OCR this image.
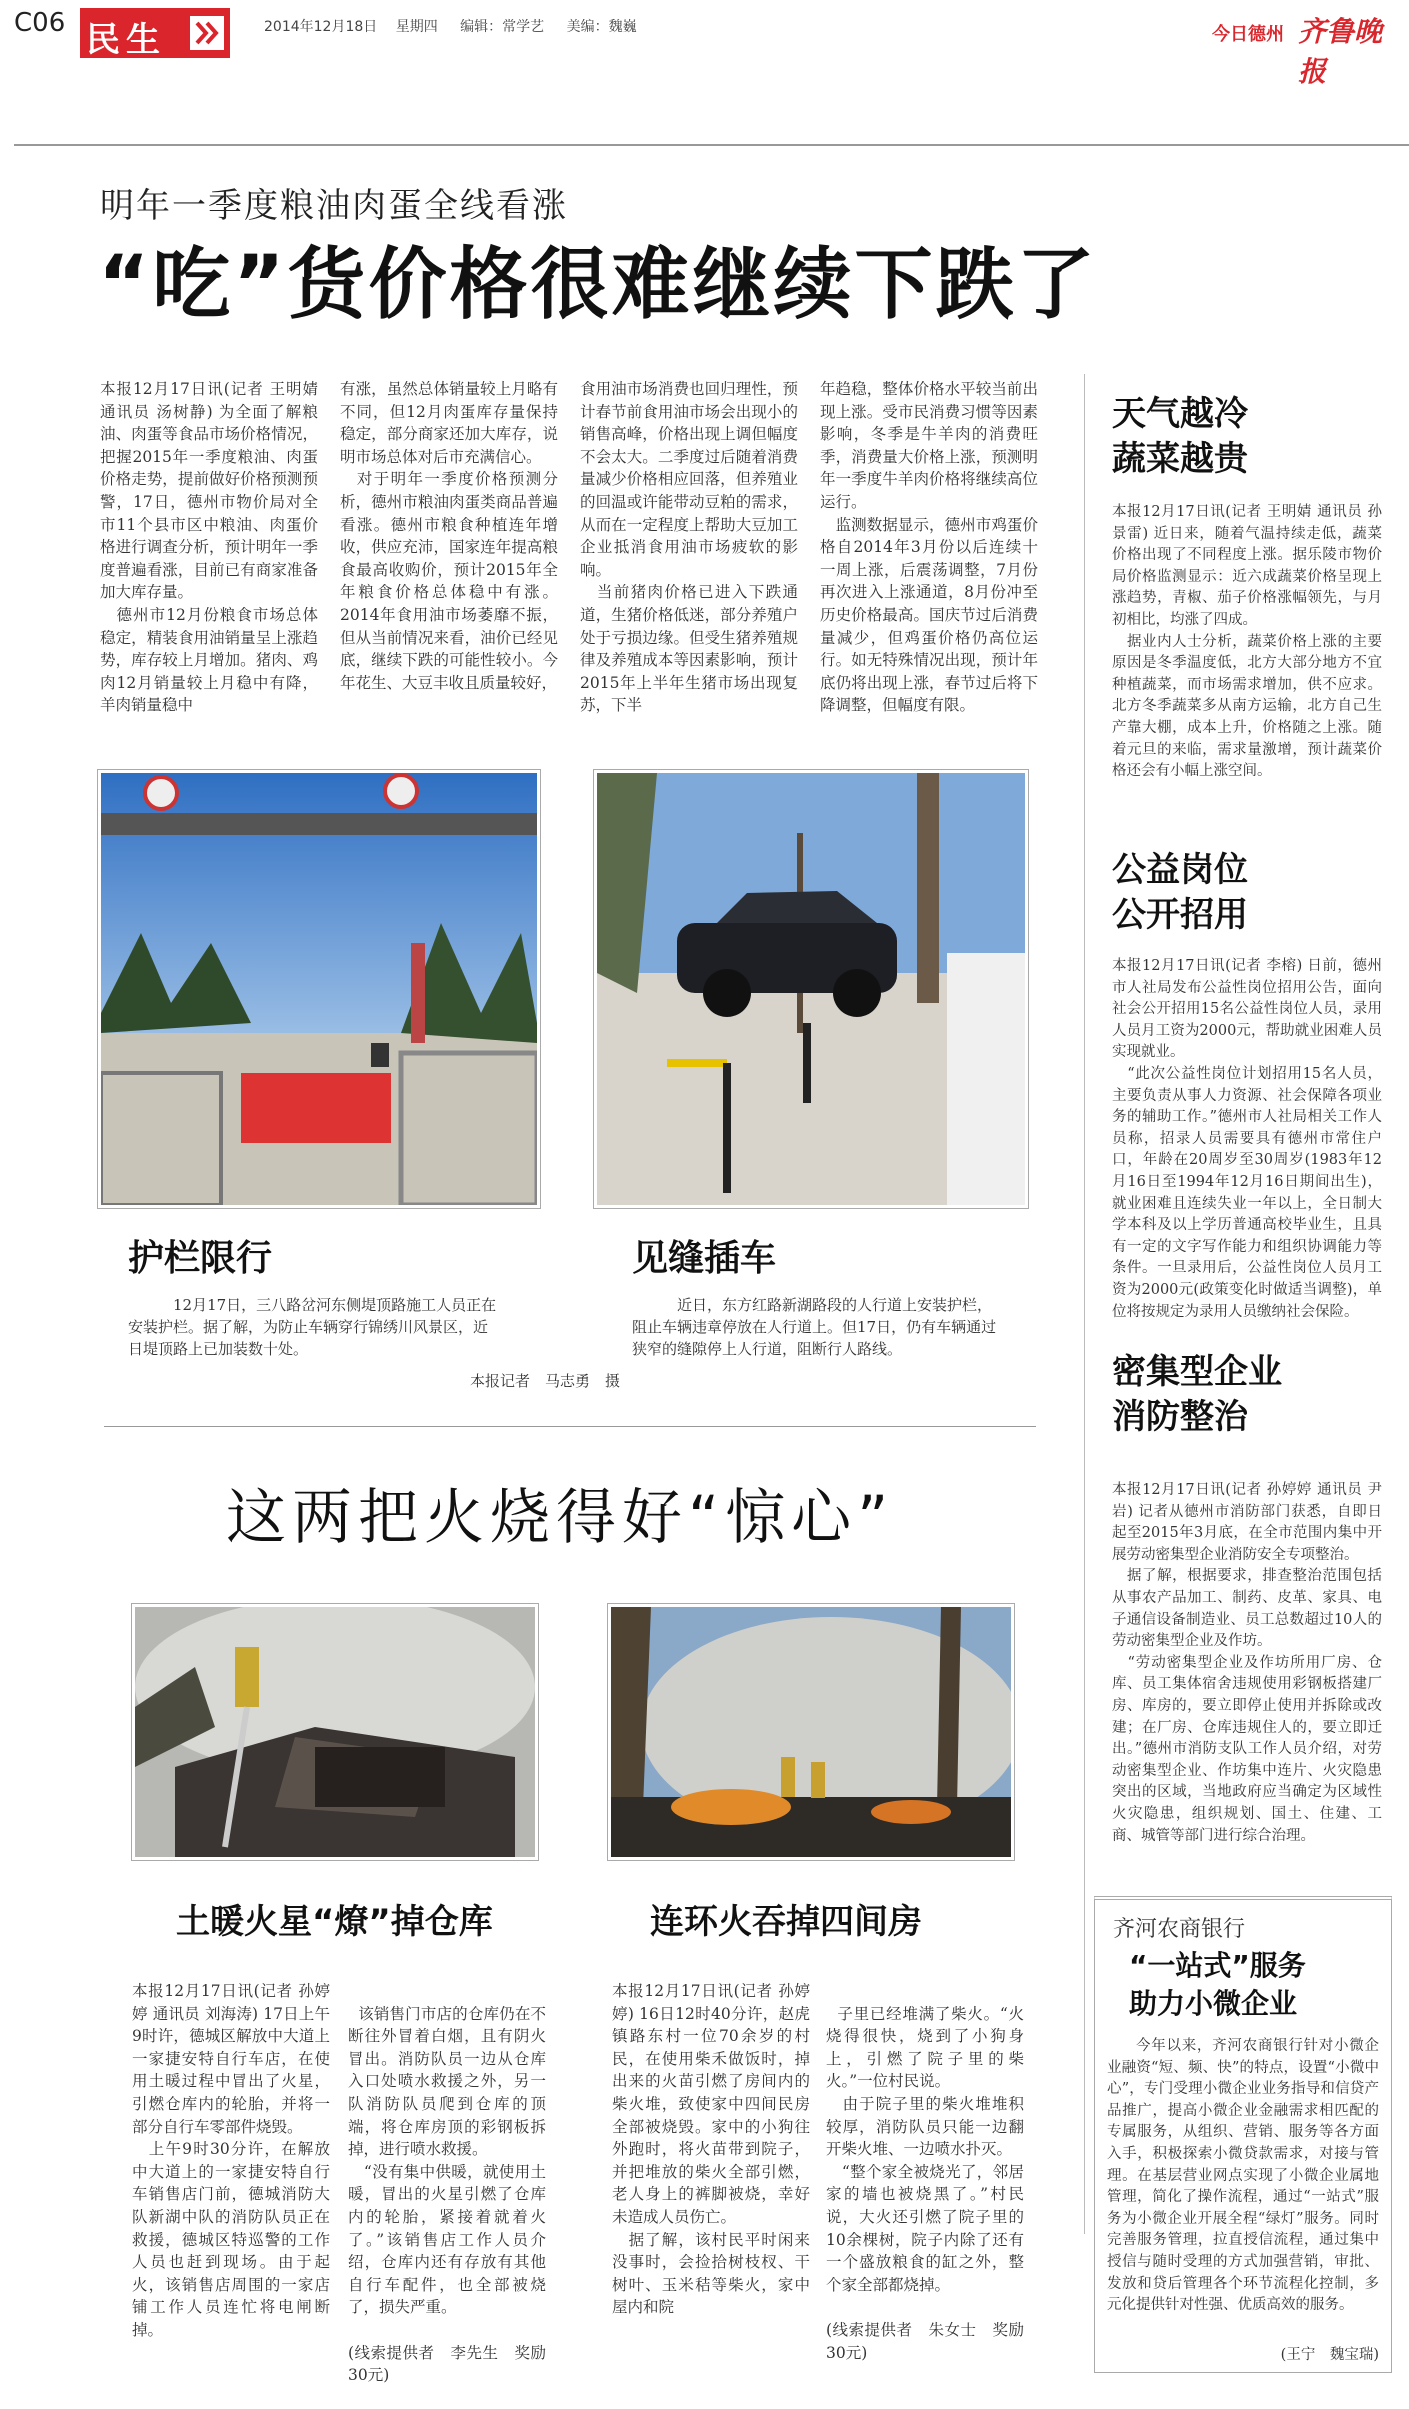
C06 民生	2014年12月18日 星期四 编辑：常学艺 美编：魏巍	今日德州 齐鲁晚报
明年一季度粮油肉蛋全线看涨
“吃”货价格很难继续下跌了
本报12月17日讯(记者 王明婧 通讯员 汤树静) 为全面了解粮油、肉蛋等食品市场价格情况，把握2015年一季度粮油、肉蛋价格走势，提前做好价格预测预警，17日，德州市物价局对全市11个县市区中粮油、肉蛋价格进行调查分析，预计明年一季度普遍看涨，目前已有商家准备加大库存量。
　德州市12月份粮食市场总体稳定，精装食用油销量呈上涨趋势，库存较上月增加。猪肉、鸡肉12月销量较上月稳中有降，羊肉销量稳中
有涨，虽然总体销量较上月略有不同，但12月肉蛋库存量保持稳定，部分商家还加大库存，说明市场总体对后市充满信心。
　对于明年一季度价格预测分析，德州市粮油肉蛋类商品普遍看涨。德州市粮食种植连年增收，供应充沛，国家连年提高粮食最高收购价，预计2015年全年粮食价格总体稳中有涨。2014年食用油市场萎靡不振，但从当前情况来看，油价已经见底，继续下跌的可能性较小。今年花生、大豆丰收且质量较好，
食用油市场消费也回归理性，预计春节前食用油市场会出现小的销售高峰，价格出现上调但幅度不会太大。二季度过后随着消费量减少价格相应回落，但养殖业的回温或许能带动豆粕的需求，从而在一定程度上帮助大豆加工企业抵消食用油市场疲软的影响。
　当前猪肉价格已进入下跌通道，生猪价格低迷，部分养殖户处于亏损边缘。但受生猪养殖规律及养殖成本等因素影响，预计2015年上半年生猪市场出现复苏，下半
年趋稳，整体价格水平较当前出现上涨。受市民消费习惯等因素影响，冬季是牛羊肉的消费旺季，消费量大价格上涨，预测明年一季度牛羊肉价格将继续高位运行。
　监测数据显示，德州市鸡蛋价格自2014年3月份以后连续十一周上涨，后震荡调整，7月份再次进入上涨通道，8月份冲至历史价格最高。国庆节过后消费量减少，但鸡蛋价格仍高位运行。如无特殊情况出现，预计年底仍将出现上涨，春节过后将下降调整，但幅度有限。
护栏限行	见缝插车
12月17日，三八路岔河东侧堤顶路施工人员正在安装护栏。据了解，为防止车辆穿行锦绣川风景区，近日堤顶路上已加装数十处。
近日，东方红路新湖路段的人行道上安装护栏，阻止车辆违章停放在人行道上。但17日，仍有车辆通过狭窄的缝隙停上人行道，阻断行人路线。
本报记者　马志勇　摄
这两把火烧得好“惊心”
土暖火星“燎”掉仓库	连环火吞掉四间房
本报12月17日讯(记者 孙婷婷 通讯员 刘海涛) 17日上午9时许，德城区解放中大道上一家捷安特自行车店，在使用土暖过程中冒出了火星，引燃仓库内的轮胎，并将一部分自行车零部件烧毁。
　上午9时30分许，在解放中大道上的一家捷安特自行车销售店门前，德城消防大队新湖中队的消防队员正在救援，德城区特巡警的工作人员也赶到现场。由于起火，该销售店周围的一家店铺工作人员连忙将电闸断掉。

该销售门市店的仓库仍在不断往外冒着白烟，且有阴火冒出。消防队员一边从仓库入口处喷水救援之外，另一队消防队员爬到仓库的顶端，将仓库房顶的彩钢板拆掉，进行喷水救援。
　“没有集中供暖，就使用土暖，冒出的火星引燃了仓库内的轮胎，紧接着就着火了。”该销售店工作人员介绍，仓库内还有存放有其他自行车配件，也全部被烧了，损失严重。

(线索提供者　李先生　奖励30元)

本报12月17日讯(记者 孙婷婷) 16日12时40分许，赵虎镇路东村一位70余岁的村民，在使用柴禾做饭时，掉出来的火苗引燃了房间内的柴火堆，致使家中四间民房全部被烧毁。家中的小狗往外跑时，将火苗带到院子，并把堆放的柴火全部引燃，老人身上的裤脚被烧，幸好未造成人员伤亡。
　据了解，该村民平时闲来没事时，会捡拾树枝杈、干树叶、玉米秸等柴火，家中屋内和院

子里已经堆满了柴火。“火烧得很快，烧到了小狗身上，引燃了院子里的柴火。”一位村民说。
　由于院子里的柴火堆堆积较厚，消防队员只能一边翻开柴火堆、一边喷水扑灭。
　“整个家全被烧光了，邻居家的墙也被烧黑了。”村民说，大火还引燃了院子里的10余棵树，院子内除了还有一个盛放粮食的缸之外，整个家全部都烧掉。

(线索提供者　朱女士　奖励30元)

天气越冷
蔬菜越贵
本报12月17日讯(记者 王明婧 通讯员 孙景雷) 近日来，随着气温持续走低，蔬菜价格出现了不同程度上涨。据乐陵市物价局价格监测显示：近六成蔬菜价格呈现上涨趋势，青椒、茄子价格涨幅领先，与月初相比，均涨了四成。
　据业内人士分析，蔬菜价格上涨的主要原因是冬季温度低，北方大部分地方不宜种植蔬菜，而市场需求增加，供不应求。北方冬季蔬菜多从南方运输，北方自己生产靠大棚，成本上升，价格随之上涨。随着元旦的来临，需求量激增，预计蔬菜价格还会有小幅上涨空间。
公益岗位
公开招用
本报12月17日讯(记者 李榕) 日前，德州市人社局发布公益性岗位招用公告，面向社会公开招用15名公益性岗位人员，录用人员月工资为2000元，帮助就业困难人员实现就业。
　“此次公益性岗位计划招用15名人员，主要负责从事人力资源、社会保障各项业务的辅助工作。”德州市人社局相关工作人员称，招录人员需要具有德州市常住户口，年龄在20周岁至30周岁(1983年12月16日至1994年12月16日期间出生)，就业困难且连续失业一年以上，全日制大学本科及以上学历普通高校毕业生，且具有一定的文字写作能力和组织协调能力等条件。一旦录用后，公益性岗位人员月工资为2000元(政策变化时做适当调整)，单位将按规定为录用人员缴纳社会保险。
密集型企业
消防整治
本报12月17日讯(记者 孙婷婷 通讯员 尹岩) 记者从德州市消防部门获悉，自即日起至2015年3月底，在全市范围内集中开展劳动密集型企业消防安全专项整治。
　据了解，根据要求，排查整治范围包括从事农产品加工、制药、皮革、家具、电子通信设备制造业、员工总数超过10人的劳动密集型企业及作坊。
　“劳动密集型企业及作坊所用厂房、仓库、员工集体宿舍违规使用彩钢板搭建厂房、库房的，要立即停止使用并拆除或改建；在厂房、仓库违规住人的，要立即迁出。”德州市消防支队工作人员介绍，对劳动密集型企业、作坊集中连片、火灾隐患突出的区域，当地政府应当确定为区域性火灾隐患，组织规划、国土、住建、工商、城管等部门进行综合治理。
齐河农商银行
“一站式”服务
助力小微企业
今年以来，齐河农商银行针对小微企业融资“短、频、快”的特点，设置“小微中心”，专门受理小微企业业务指导和信贷产品推广，提高小微企业金融需求相匹配的专属服务，从组织、营销、服务等各方面入手，积极探索小微贷款需求，对接与管理。在基层营业网点实现了小微企业属地管理，简化了操作流程，通过“一站式”服务为小微企业开展全程“绿灯”服务。同时完善服务管理，拉直授信流程，通过集中授信与随时受理的方式加强营销，审批、发放和贷后管理各个环节流程化控制，多元化提供针对性强、优质高效的服务。
(王宁　魏宝瑞)
